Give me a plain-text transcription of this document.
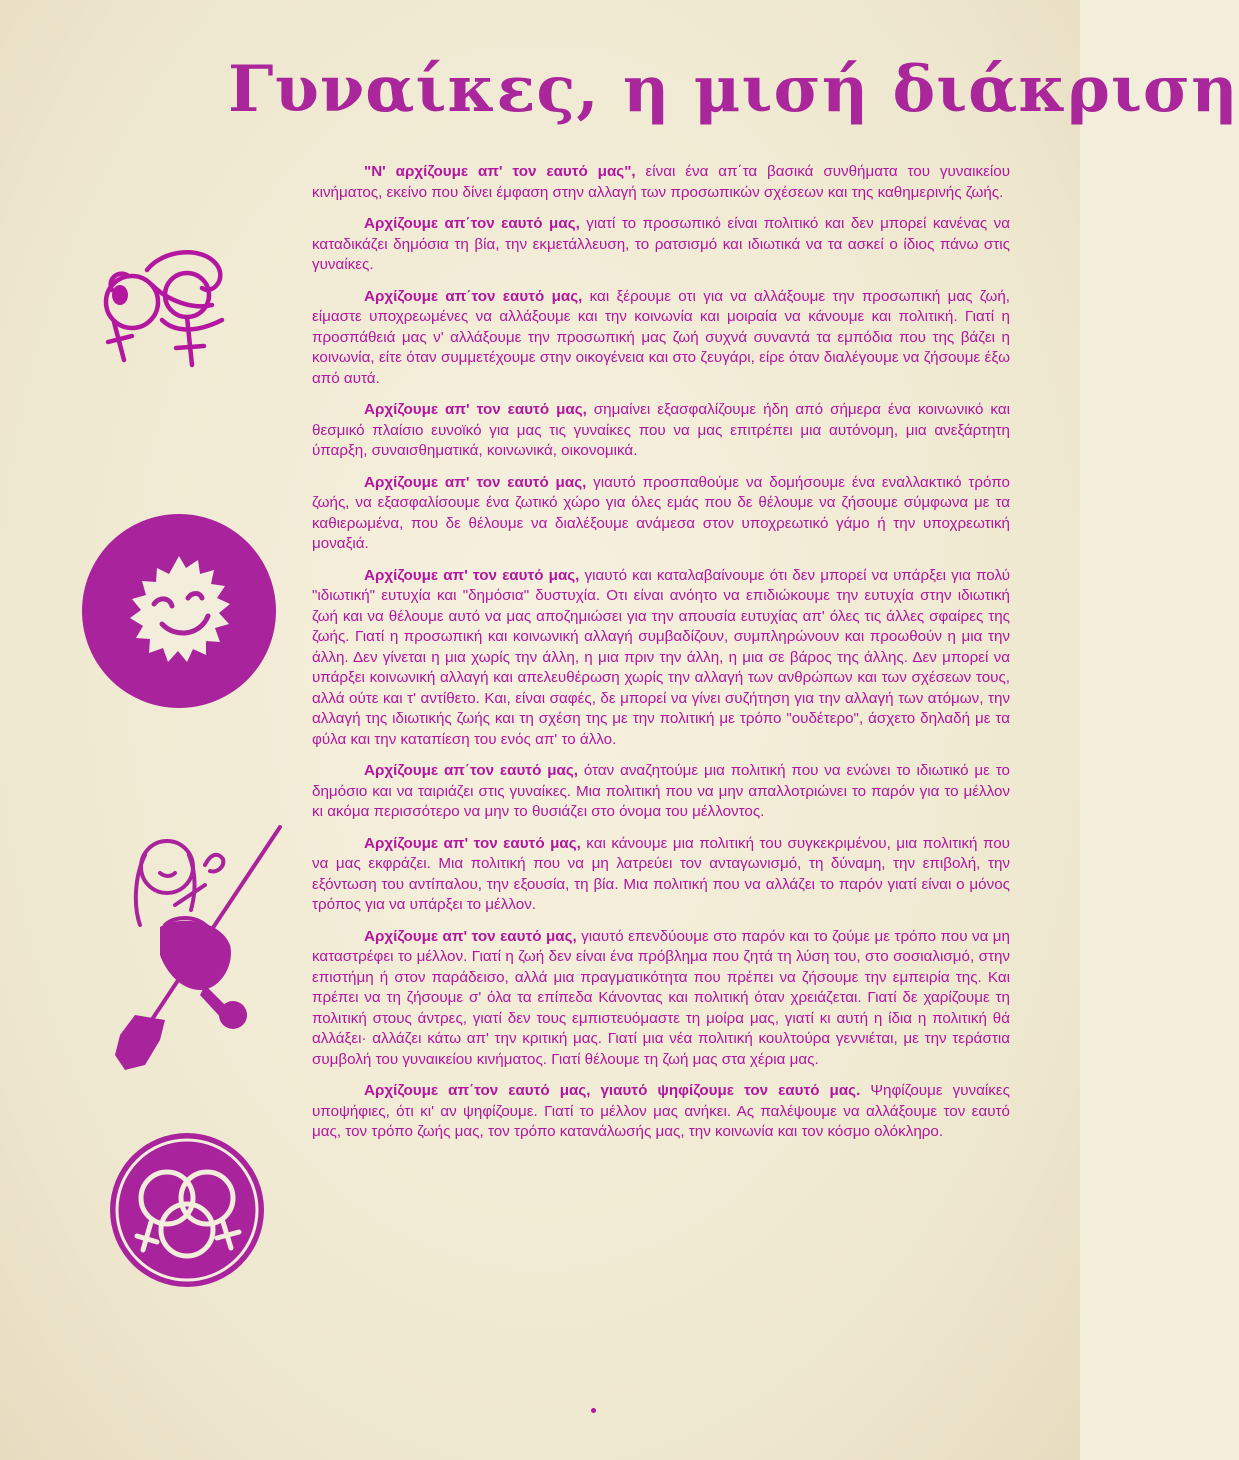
Γυναίκες, η μισή διάκριση

"Ν' αρχίζουμε απ' τον εαυτό μας", είναι ένα απ΄τα βασικά συνθήματα του γυναικείου κινήματος, εκείνο που δίνει έμφαση στην αλλαγή των προσωπικών σχέσεων και της καθημερινής ζωής.

Αρχίζουμε απ΄τον εαυτό μας, γιατί το προσωπικό είναι πολιτικό και δεν μπορεί κανένας να καταδικάζει δημόσια τη βία, την εκμετάλλευση, το ρατσισμό και ιδιωτικά να τα ασκεί ο ίδιος πάνω στις γυναίκες.

Αρχίζουμε απ΄τον εαυτό μας, και ξέρουμε οτι για να αλλάξουμε την προσωπική μας ζωή, είμαστε υποχρεωμένες να αλλάξουμε και την κοινωνία και μοιραία να κάνουμε και πολιτική. Γιατί η προσπάθειά μας ν' αλλάξουμε την προσωπική μας ζωή συχνά συναντά τα εμπόδια που της βάζει η κοινωνία, είτε όταν συμμετέχουμε στην οικογένεια και στο ζευγάρι, είρε όταν διαλέγουμε να ζήσουμε έξω από αυτά.

Αρχίζουμε απ' τον εαυτό μας, σημαίνει εξασφαλίζουμε ήδη από σήμερα ένα κοινωνικό και θεσμικό πλαίσιο ευνοϊκό για μας τις γυναίκες που να μας επιτρέπει μια αυτόνομη, μια ανεξάρτητη ύπαρξη, συναισθηματικά, κοινωνικά, οικονομικά.

Αρχίζουμε απ' τον εαυτό μας, γιαυτό προσπαθούμε να δομήσουμε ένα εναλλακτικό τρόπο ζωής, να εξασφαλίσουμε ένα ζωτικό χώρο για όλες εμάς που δε θέλουμε να ζήσουμε σύμφωνα με τα καθιερωμένα, που δε θέλουμε να διαλέξουμε ανάμεσα στον υποχρεωτικό γάμο ή την υποχρεωτική μοναξιά.

Αρχίζουμε απ' τον εαυτό μας, γιαυτό και καταλαβαίνουμε ότι δεν μπορεί να υπάρξει για πολύ "ιδιωτική" ευτυχία και "δημόσια" δυστυχία. Οτι είναι ανόητο να επιδιώκουμε την ευτυχία στην ιδιωτική ζωή και να θέλουμε αυτό να μας αποζημιώσει για την απουσία ευτυχίας απ' όλες τις άλλες σφαίρες της ζωής. Γιατί η προσωπική και κοινωνική αλλαγή συμβαδίζουν, συμπληρώνουν και προωθούν η μια την άλλη. Δεν γίνεται η μια χωρίς την άλλη, η μια πριν την άλλη, η μια σε βάρος της άλλης. Δεν μπορεί να υπάρξει κοινωνική αλλαγή και απελευθέρωση χωρίς την αλλαγή των ανθρώπων και των σχέσεων τους, αλλά ούτε και τ' αντίθετο. Και, είναι σαφές, δε μπορεί να γίνει συζήτηση για την αλλαγή των ατόμων, την αλλαγή της ιδιωτικής ζωής και τη σχέση της με την πολιτική με τρόπο "ουδέτερο", άσχετο δηλαδή με τα φύλα και την καταπίεση του ενός απ' το άλλο.

Αρχίζουμε απ΄τον εαυτό μας, όταν αναζητούμε μια πολιτική που να ενώνει το ιδιωτικό με το δημόσιο και να ταιριάζει στις γυναίκες. Μια πολιτική που να μην απαλλοτριώνει το παρόν για το μέλλον κι ακόμα περισσότερο να μην το θυσιάζει στο όνομα του μέλλοντος.

Αρχίζουμε απ' τον εαυτό μας, και κάνουμε μια πολιτική του συγκεκριμένου, μια πολιτική που να μας εκφράζει. Μια πολιτική που να μη λατρεύει τον ανταγωνισμό, τη δύναμη, την επιβολή, την εξόντωση του αντίπαλου, την εξουσία, τη βία. Μια πολιτική που να αλλάζει το παρόν γιατί είναι ο μόνος τρόπος για να υπάρξει το μέλλον.

Αρχίζουμε απ' τον εαυτό μας, γιαυτό επενδύουμε στο παρόν και το ζούμε με τρόπο που να μη καταστρέφει το μέλλον. Γιατί η ζωή δεν είναι ένα πρόβλημα που ζητά τη λύση του, στο σοσιαλισμό, στην επιστήμη ή στον παράδεισο, αλλά μια πραγματικότητα που πρέπει να ζήσουμε την εμπειρία της. Και πρέπει να τη ζήσουμε σ' όλα τα επίπεδα Κάνοντας και πολιτική όταν χρειάζεται. Γιατί δε χαρίζουμε τη πολιτική στους άντρες, γιατί δεν τους εμπιστευόμαστε τη μοίρα μας, γιατί κι αυτή η ίδια η πολιτική θά αλλάξει· αλλάζει κάτω απ' την κριτική μας. Γιατί μια νέα πολιτική κουλτούρα γεννιέται, με την τεράστια συμβολή του γυναικείου κινήματος. Γιατί θέλουμε τη ζωή μας στα χέρια μας.

Αρχίζουμε απ΄τον εαυτό μας, γιαυτό ψηφίζουμε τον εαυτό μας. Ψηφίζουμε γυναίκες υποψήφιες, ότι κι' αν ψηφίζουμε. Γιατί το μέλλον μας ανήκει. Ας παλέψουμε να αλλάξουμε τον εαυτό μας, τον τρόπο ζωής μας, τον τρόπο κατανάλωσής μας, την κοινωνία και τον κόσμο ολόκληρο.
